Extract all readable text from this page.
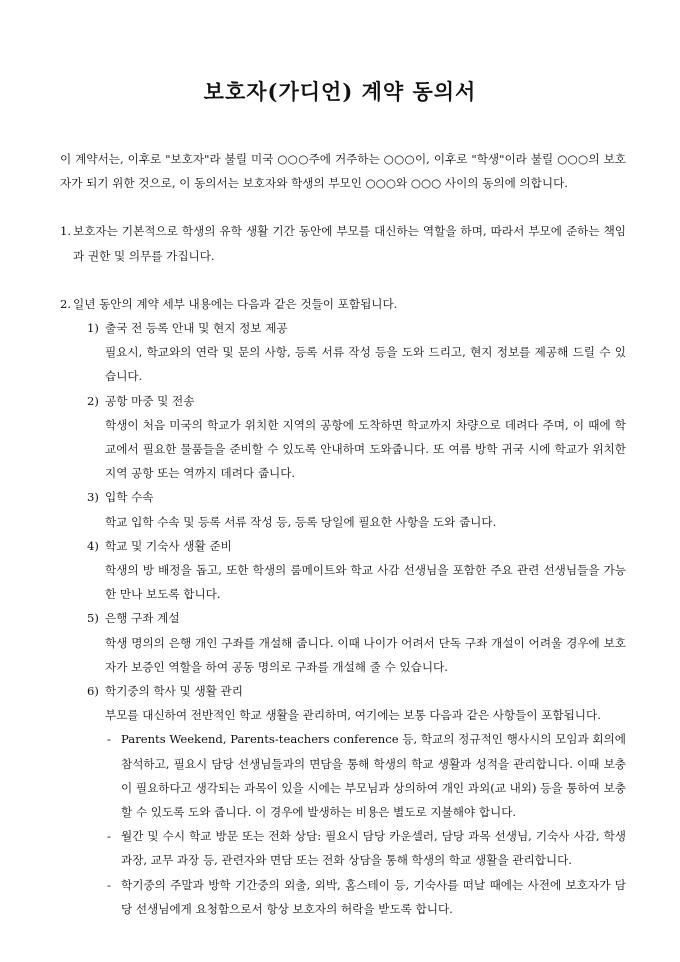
보호자(가디언) 계약 동의서

이 계약서는, 이후로 "보호자"라 불릴 미국 ○○○주에 거주하는 ○○○이, 이후로 "학생"이라 불릴 ○○○의 보호자가 되기 위한 것으로, 이 동의서는 보호자와 학생의 부모인 ○○○와 ○○○ 사이의 동의에 의합니다.

1. 보호자는 기본적으로 학생의 유학 생활 기간 동안에 부모를 대신하는 역할을 하며, 따라서 부모에 준하는 책임과 권한 및 의무를 가집니다.
2. 일년 동안의 계약 세부 내용에는 다음과 같은 것들이 포함됩니다.
1) 출국 전 등록 안내 및 현지 정보 제공
필요시, 학교와의 연락 및 문의 사항, 등록 서류 작성 등을 도와 드리고, 현지 정보를 제공해 드릴 수 있습니다.
2) 공항 마중 및 전송
학생이 처음 미국의 학교가 위치한 지역의 공항에 도착하면 학교까지 차량으로 데려다 주며, 이 때에 학교에서 필요한 물품들을 준비할 수 있도록 안내하며 도와줍니다. 또 여름 방학 귀국 시에 학교가 위치한 지역 공항 또는 역까지 데려다 줍니다.
3) 입학 수속
학교 입학 수속 및 등록 서류 작성 등, 등록 당일에 필요한 사항을 도와 줍니다.
4) 학교 및 기숙사 생활 준비
학생의 방 배정을 돕고, 또한 학생의 룸메이트와 학교 사감 선생님을 포함한 주요 관련 선생님들을 가능한 만나 보도록 합니다.
5) 은행 구좌 계설
학생 명의의 은행 개인 구좌를 개설해 줍니다. 이때 나이가 어려서 단독 구좌 개설이 어려울 경우에 보호자가 보증인 역할을 하여 공동 명의로 구좌를 개설해 줄 수 있습니다.
6) 학기중의 학사 및 생활 관리
부모를 대신하여 전반적인 학교 생활을 관리하며, 여기에는 보통 다음과 같은 사항들이 포함됩니다.
- Parents Weekend, Parents-teachers conference 등, 학교의 정규적인 행사시의 모임과 회의에 참석하고, 필요시 담당 선생님들과의 면담을 통해 학생의 학교 생활과 성적을 관리합니다. 이때 보충이 필요하다고 생각되는 과목이 있을 시에는 부모님과 상의하여 개인 과외(교 내외) 등을 통하여 보충할 수 있도록 도와 줍니다. 이 경우에 발생하는 비용은 별도로 지불해야 합니다.
- 월간 및 수시 학교 방문 또는 전화 상담: 필요시 담당 카운셀러, 담당 과목 선생님, 기숙사 사감, 학생 과장, 교무 과장 등, 관련자와 면담 또는 전화 상담을 통해 학생의 학교 생활을 관리합니다.
- 학기중의 주말과 방학 기간중의 외출, 외박, 홈스테이 등, 기숙사를 떠날 때에는 사전에 보호자가 담당 선생님에게 요청함으로서 항상 보호자의 허락을 받도록 합니다.
